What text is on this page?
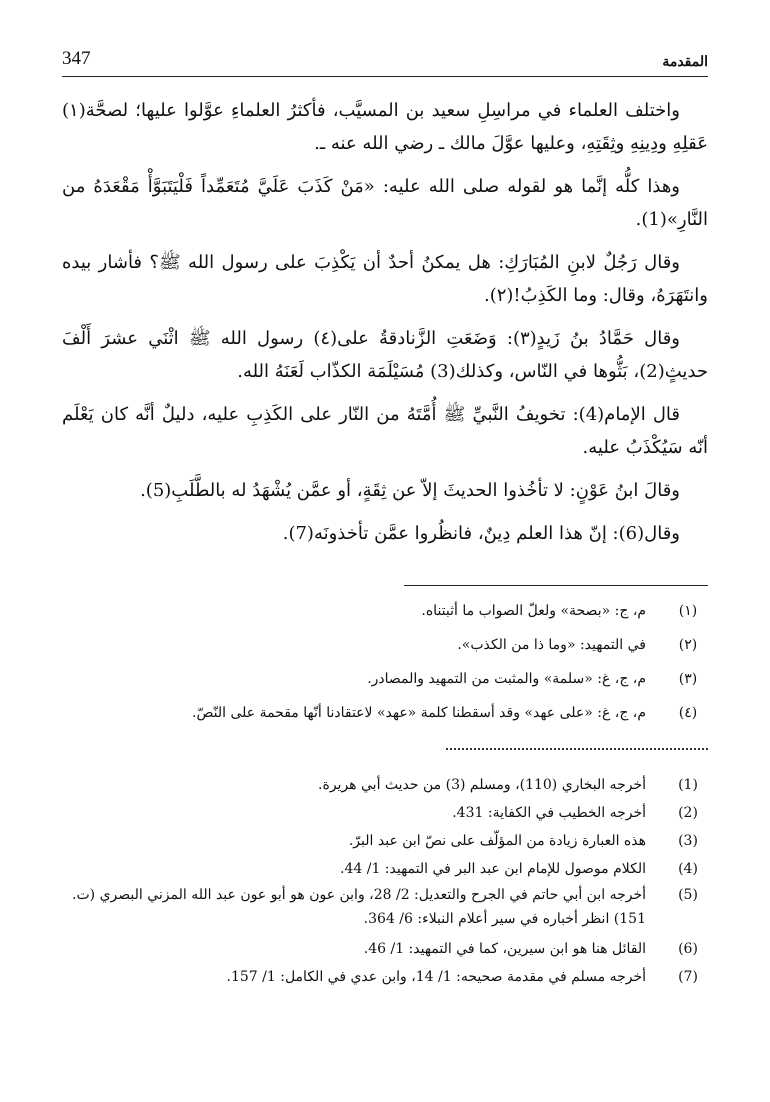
347	المقدمة

واختلف العلماء في مراسِلِ سعيد بن المسيَّب، فأكثرُ العلماءِ عوَّلوا عليها؛ لصحَّة(١) عَقلِهِ ودِينِهِ وثِقَتِهِ، وعليها عوَّلَ مالك ـ رضي الله عنه ـ.

وهذا كلُّه إنَّما هو لقوله صلى الله عليه: «مَنْ كَذَبَ عَلَيَّ مُتَعَمِّداً فَلْيَتَبَوَّأْ مَقْعَدَهُ من النَّارِ»(1).

وقال رَجُلٌ لابنِ المُبَارَكِ: هل يمكنُ أحدٌ أن يَكْذِبَ على رسول الله ﷺ؟ فأشار بيده وانتَهَرَهُ، وقال: وما الكَذِبُ!(٢).

وقال حَمَّادُ بنُ زَيدٍ(٣): وَضَعَتِ الزَّنادقةُ على(٤) رسول الله ﷺ اثْنَي عشرَ أَلْفَ حديثٍ(2)، بَثُّوها في النّاس، وكذلك(3) مُسَيْلَمَة الكذّاب لَعَنَهُ الله.

قال الإمام(4): تخويفُ النَّبيِّ ﷺ أُمَّتَهُ من النّار على الكَذِبِ عليه، دليلٌ أنَّه كان يَعْلَم أنّه سَيُكْذَبُ عليه.

وقالَ ابنُ عَوْنٍ: لا تأخُذوا الحديثَ إلاّ عن ثِقَةٍ، أو عمَّن يُشْهَدُ له بالطَّلَبِ(5).

وقال(6): إنّ هذا العلم دِينٌ، فانظُروا عمَّن تأخذونَه(7).

(١)
م، ج: «بصحة» ولعلّ الصواب ما أثبتناه.
(٢)
في التمهيد: «وما ذا من الكذب».
(٣)
م، ج، غ: «سلمة» والمثبت من التمهيد والمصادر.
(٤)
م، ج، غ: «على عهد» وقد أسقطنا كلمة «عهد» لاعتقادنا أنّها مقحمة على النّصّ.
(1)
أخرجه البخاري (110)، ومسلم (3) من حديث أبي هريرة.
(2)
أخرجه الخطيب في الكفاية: 431.
(3)
هذه العبارة زيادة من المؤلّف على نصّ ابن عبد البرّ.
(4)
الكلام موصول للإمام ابن عبد البر في التمهيد: 1/ 44.
(5)
أخرجه ابن أبي حاتم في الجرح والتعديل: 2/ 28، وابن عون هو أبو عون عبد الله المزني البصري (ت. 151) انظر أخباره في سير أعلام النبلاء: 6/ 364.
(6)
القائل هنا هو ابن سيرين، كما في التمهيد: 1/ 46.
(7)
أخرجه مسلم في مقدمة صحيحه: 1/ 14، وابن عدي في الكامل: 1/ 157.
